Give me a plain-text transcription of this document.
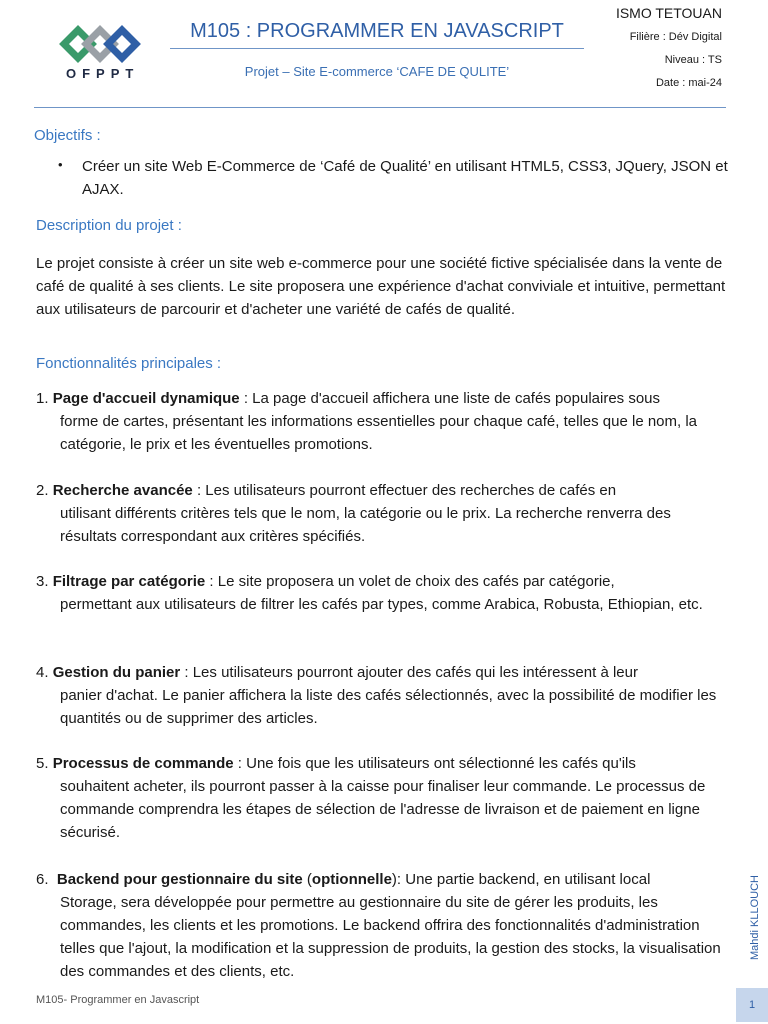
OFPPT
M105 : PROGRAMMER EN JAVASCRIPT
Projet – Site E-commerce ‘CAFE DE QULITE’
ISMO TETOUAN
Filière : Dév Digital
Niveau : TS
Date : mai-24
Objectifs :
• Créer un site Web E-Commerce de ‘Café de Qualité’ en utilisant HTML5, CSS3, JQuery, JSON et AJAX.
Description du projet :
Le projet consiste à créer un site web e-commerce pour une société fictive spécialisée dans la vente de café de qualité à ses clients. Le site proposera une expérience d'achat conviviale et intuitive, permettant aux utilisateurs de parcourir et d'acheter une variété de cafés de qualité.
Fonctionnalités principales :
1. Page d'accueil dynamique : La page d'accueil affichera une liste de cafés populaires sous
forme de cartes, présentant les informations essentielles pour chaque café, telles que le nom, la catégorie, le prix et les éventuelles promotions.
2. Recherche avancée : Les utilisateurs pourront effectuer des recherches de cafés en
utilisant différents critères tels que le nom, la catégorie ou le prix. La recherche renverra des résultats correspondant aux critères spécifiés.
3. Filtrage par catégorie : Le site proposera un volet de choix des cafés par catégorie,
permettant aux utilisateurs de filtrer les cafés par types, comme Arabica, Robusta, Ethiopian, etc.
4. Gestion du panier : Les utilisateurs pourront ajouter des cafés qui les intéressent à leur
panier d'achat. Le panier affichera la liste des cafés sélectionnés, avec la possibilité de modifier les quantités ou de supprimer des articles.
5. Processus de commande : Une fois que les utilisateurs ont sélectionné les cafés qu'ils
souhaitent acheter, ils pourront passer à la caisse pour finaliser leur commande. Le processus de commande comprendra les étapes de sélection de l'adresse de livraison et de paiement en ligne sécurisé.
6. Backend pour gestionnaire du site (optionnelle): Une partie backend, en utilisant local
Storage, sera développée pour permettre au gestionnaire du site de gérer les produits, les commandes, les clients et les promotions. Le backend offrira des fonctionnalités d'administration telles que l'ajout, la modification et la suppression de produits, la gestion des stocks, la visualisation des commandes et des clients, etc.
Mahdi KLLOUCH
M105- Programmer en Javascript	1
